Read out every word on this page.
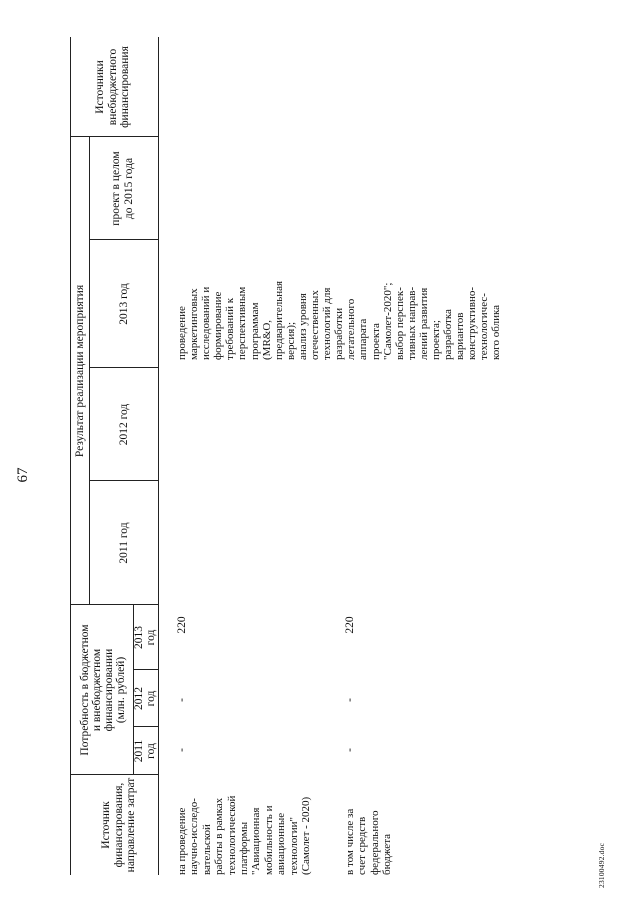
67
Источник финансирования, направление затрат
Потребность в бюджетном и внебюджетном финансировании (млн. рублей)
2011 год
2012 год
2013 год
Результат реализации мероприятия
2011 год
2012 год
2013 год
проект в целом до 2015 года
Источники внебюджетного финансирования
на проведение
научно-исследо-
вательской
работы в рамках
технологической
платформы
"Авиационная
мобильность и
авиационные
технологии"
(Самолет - 2020)
-
-
220
проведение
маркетинговых
исследований и
формирование
требований к
перспективным
программам
(MR&O,
предварительная
версия);
анализ уровня
отечественных
технологий для
разработки
летательного
аппарата
проекта
"Самолет-2020";
выбор перспек-
тивных направ-
лений развития
проекта;
разработка
вариантов
конструктивно-
технологичес-
кого облика
в том числе за
счет средств
федерального
бюджета
-
-
220
23100492.doc
